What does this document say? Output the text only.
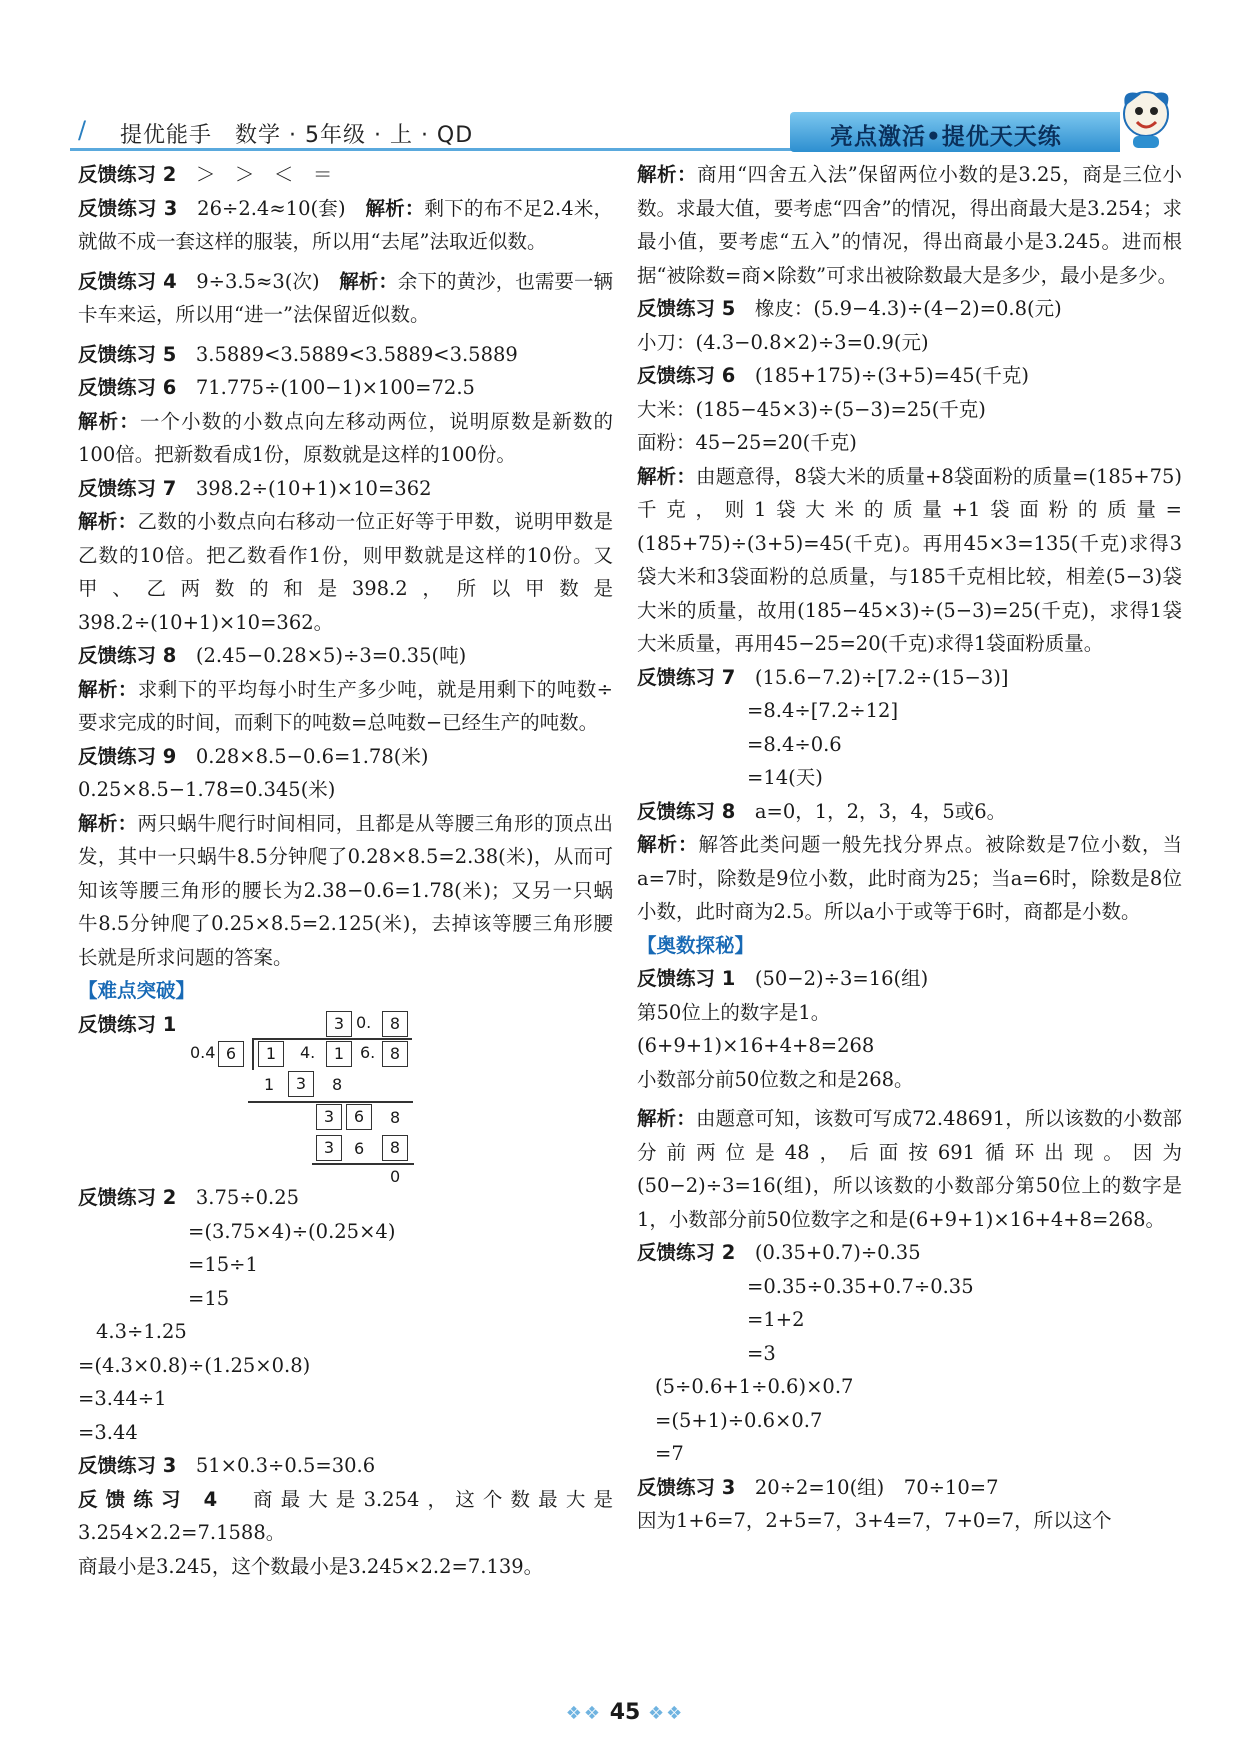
∕ 提优能手　数学 · 5年级 · 上 · QD	亮点激活•提优天天练

反馈练习 2　＞　＞　＜　＝

反馈练习 3　26÷2.4≈10(套)　解析：剩下的布不足2.4米，就做不成一套这样的服装，所以用“去尾”法取近似数。

反馈练习 4　9÷3.5≈3(次)　解析：余下的黄沙，也需要一辆卡车来运，所以用“进一”法保留近似数。

反馈练习 5　3.5889<3.5889<3.5889<3.5889

反馈练习 6　71.775÷(100−1)×100=72.5

解析：一个小数的小数点向左移动两位，说明原数是新数的100倍。把新数看成1份，原数就是这样的100份。

反馈练习 7　398.2÷(10+1)×10=362

解析：乙数的小数点向右移动一位正好等于甲数，说明甲数是乙数的10倍。把乙数看作1份，则甲数就是这样的10份。又甲、乙两数的和是398.2，所以甲数是398.2÷(10+1)×10=362。

反馈练习 8　(2.45−0.28×5)÷3=0.35(吨)

解析：求剩下的平均每小时生产多少吨，就是用剩下的吨数÷要求完成的时间，而剩下的吨数=总吨数−已经生产的吨数。

反馈练习 9　0.28×8.5−0.6=1.78(米)

0.25×8.5−1.78=0.345(米)

解析：两只蜗牛爬行时间相同，且都是从等腰三角形的顶点出发，其中一只蜗牛8.5分钟爬了0.28×8.5=2.38(米)，从而可知该等腰三角形的腰长为2.38−0.6=1.78(米)；又另一只蜗牛8.5分钟爬了0.25×8.5=2.125(米)，去掉该等腰三角形腰长就是所求问题的答案。

【难点突破】

反馈练习 1	3 0.	8
0.4 6	1	4.	1 6. 8
1	3	8
3	6	8
3	6	8
0

反馈练习 2　3.75÷0.25

=(3.75×4)÷(0.25×4)

=15÷1

=15

4.3÷1.25

=(4.3×0.8)÷(1.25×0.8)

=3.44÷1

=3.44

反馈练习 3　51×0.3÷0.5=30.6

反馈练习 4　商最大是3.254，这个数最大是3.254×2.2=7.1588。

商最小是3.245，这个数最小是3.245×2.2=7.139。

解析：商用“四舍五入法”保留两位小数的是3.25，商是三位小数。求最大值，要考虑“四舍”的情况，得出商最大是3.254；求最小值，要考虑“五入”的情况，得出商最小是3.245。进而根据“被除数=商×除数”可求出被除数最大是多少，最小是多少。

反馈练习 5　橡皮：(5.9−4.3)÷(4−2)=0.8(元)

小刀：(4.3−0.8×2)÷3=0.9(元)

反馈练习 6　(185+175)÷(3+5)=45(千克)

大米：(185−45×3)÷(5−3)=25(千克)

面粉：45−25=20(千克)

解析：由题意得，8袋大米的质量+8袋面粉的质量=(185+75)千克，则1袋大米的质量+1袋面粉的质量=(185+75)÷(3+5)=45(千克)。再用45×3=135(千克)求得3袋大米和3袋面粉的总质量，与185千克相比较，相差(5−3)袋大米的质量，故用(185−45×3)÷(5−3)=25(千克)，求得1袋大米质量，再用45−25=20(千克)求得1袋面粉质量。

反馈练习 7　(15.6−7.2)÷[7.2÷(15−3)]

=8.4÷[7.2÷12]

=8.4÷0.6

=14(天)

反馈练习 8　a=0，1，2，3，4，5或6。

解析：解答此类问题一般先找分界点。被除数是7位小数，当a=7时，除数是9位小数，此时商为25；当a=6时，除数是8位小数，此时商为2.5。所以a小于或等于6时，商都是小数。

【奥数探秘】

反馈练习 1　(50−2)÷3=16(组)

第50位上的数字是1。

(6+9+1)×16+4+8=268

小数部分前50位数之和是268。

解析：由题意可知，该数可写成72.48691，所以该数的小数部分前两位是48，后面按691循环出现。因为(50−2)÷3=16(组)，所以该数的小数部分第50位上的数字是1，小数部分前50位数字之和是(6+9+1)×16+4+8=268。

反馈练习 2　(0.35+0.7)÷0.35

=0.35÷0.35+0.7÷0.35

=1+2

=3

(5÷0.6+1÷0.6)×0.7

=(5+1)÷0.6×0.7

=7

反馈练习 3　20÷2=10(组)　70÷10=7

因为1+6=7，2+5=7，3+4=7，7+0=7，所以这个

❖❖ 45 ❖❖
